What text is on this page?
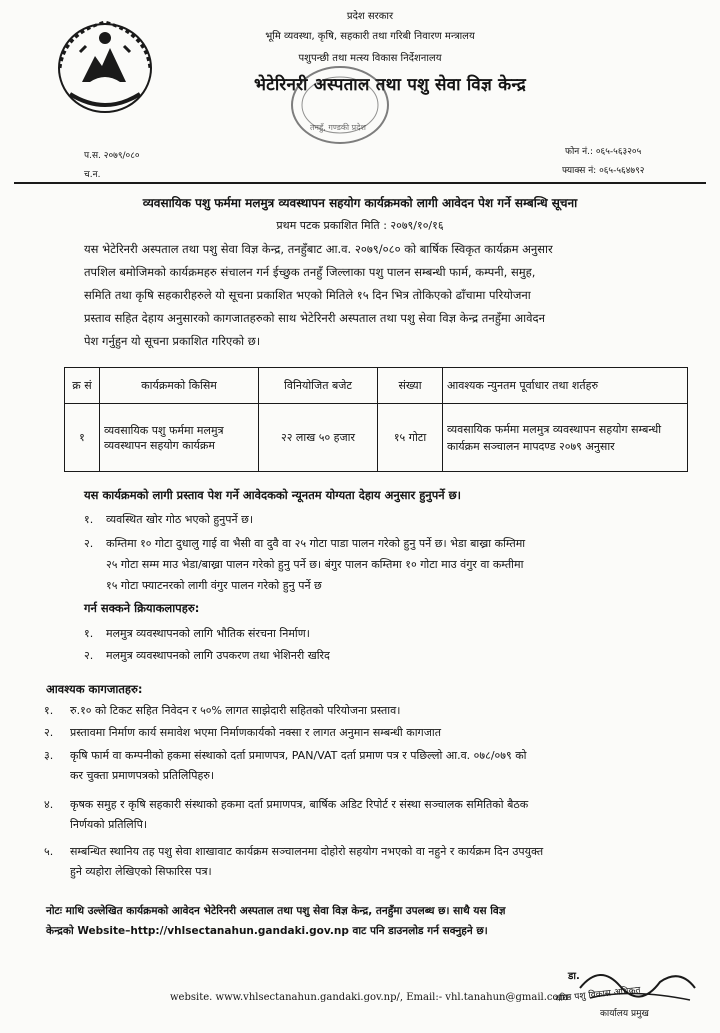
प्रदेश सरकार
भूमि व्यवस्था, कृषि, सहकारी तथा गरिबी निवारण मन्त्रालय
पशुपन्छी तथा मत्स्य विकास निर्देशनालय
भेटेरिनरी अस्पताल तथा पशु सेवा विज्ञ केन्द्र
तनहुँ, गण्डकी प्रदेश
प.स. २०७९/०८०
च.न.
फोन नं.: ०६५-५६३२०५
फ्याक्स नं: ०६५-५६४७९२
व्यवसायिक पशु फर्ममा मलमुत्र व्यवस्थापन सहयोग कार्यक्रमको लागी आवेदन पेश गर्ने सम्बन्धि सूचना
प्रथम पटक प्रकाशित मिति : २०७९/१०/१६
यस भेटेरिनरी अस्पताल तथा पशु सेवा विज्ञ केन्द्र, तनहुँबाट आ.व. २०७९/०८० को बार्षिक स्विकृत कार्यक्रम अनुसार
तपशिल बमोजिमको कार्यक्रमहरु संचालन गर्न ईच्छुक तनहुँ जिल्लाका पशु पालन सम्बन्धी फार्म, कम्पनी, समुह,
समिति तथा कृषि सहकारीहरुले यो सूचना प्रकाशित भएको मितिले १५ दिन भित्र तोकिएको ढाँचामा परियोजना
प्रस्ताव सहित देहाय अनुसारको कागजातहरुको साथ भेटेरिनरी अस्पताल तथा पशु सेवा विज्ञ केन्द्र तनहुँमा आवेदन
पेश गर्नुहुन यो सूचना प्रकाशित गरिएको छ।
क्र सं	कार्यक्रमको किसिम	विनियोजित बजेट	संख्या	आवश्यक न्युनतम पूर्वाधार तथा शर्तहरु
१	व्यवसायिक पशु फर्ममा मलमुत्र व्यवस्थापन सहयोग कार्यक्रम	२२ लाख ५० हजार	१५ गोटा	व्यवसायिक फर्ममा मलमुत्र व्यवस्थापन सहयोग सम्बन्धी कार्यक्रम सञ्चालन मापदण्ड २०७९ अनुसार
यस कार्यक्रमको लागी प्रस्ताव पेश गर्ने आवेदकको न्यूनतम योग्यता देहाय अनुसार हुनुपर्ने छ।
१. व्यवस्थित खोर गोठ भएको हुनुपर्ने छ।
२. कम्तिमा १० गोटा दुधालु गाई वा भैसी वा दुवै वा २५ गोटा पाडा पालन गरेको हुनु पर्ने छ। भेडा बाख्रा कम्तिमा
२५ गोटा सम्म माउ भेडा/बाख्रा पालन गरेको हुनु पर्ने छ। बंगुर पालन कम्तिमा १० गोटा माउ वंगुर वा कम्तीमा
१५ गोटा फ्याटनरको लागी वंगुर पालन गरेको हुनु पर्ने छ
गर्न सक्कने क्रियाकलापहरु:
१. मलमुत्र व्यवस्थापनको लागि भौतिक संरचना निर्माण।
२. मलमुत्र व्यवस्थापनको लागि उपकरण तथा भेशिनरी खरिद
आवश्यक कागजातहरु:
१. रु.१० को टिकट सहित निवेदन र ५०% लागत साझेदारी सहितको परियोजना प्रस्ताव।
२. प्रस्तावमा निर्माण कार्य समावेश भएमा निर्माणकार्यको नक्सा र लागत अनुमान सम्बन्धी कागजात
३. कृषि फार्म वा कम्पनीको हकमा संस्थाको दर्ता प्रमाणपत्र, PAN/VAT दर्ता प्रमाण पत्र र पछिल्लो आ.व. ०७८/०७९ को
कर चुक्ता प्रमाणपत्रको प्रतिलिपिहरु।
४. कृषक समुह र कृषि सहकारी संस्थाको हकमा दर्ता प्रमाणपत्र, बार्षिक अडिट रिपोर्ट र संस्था सञ्चालक समितिको बैठक
निर्णयको प्रतिलिपि।
५. सम्बन्धित स्थानिय तह पशु सेवा शाखावाट कार्यक्रम सञ्चालनमा दोहोरो सहयोग नभएको वा नहुने र कार्यक्रम दिन उपयुक्त
हुने व्यहोरा लेखिएको सिफारिस पत्र।
नोटः माथि उल्लेखित कार्यक्रमको आवेदन भेटेरिनरी अस्पताल तथा पशु सेवा विज्ञ केन्द्र, तनहुँमा उपलब्ध छ। साथै यस विज्ञ
केन्द्रको Website–http://vhlsectanahun.gandaki.gov.np वाट पनि डाउनलोड गर्न सक्नुहने छ।
डा.
वरिष्ठ पशु विकास अधिकृत
कार्यालय प्रमुख
website. www.vhlsectanahun.gandaki.gov.np/, Email:- vhl.tanahun@gmail.com
